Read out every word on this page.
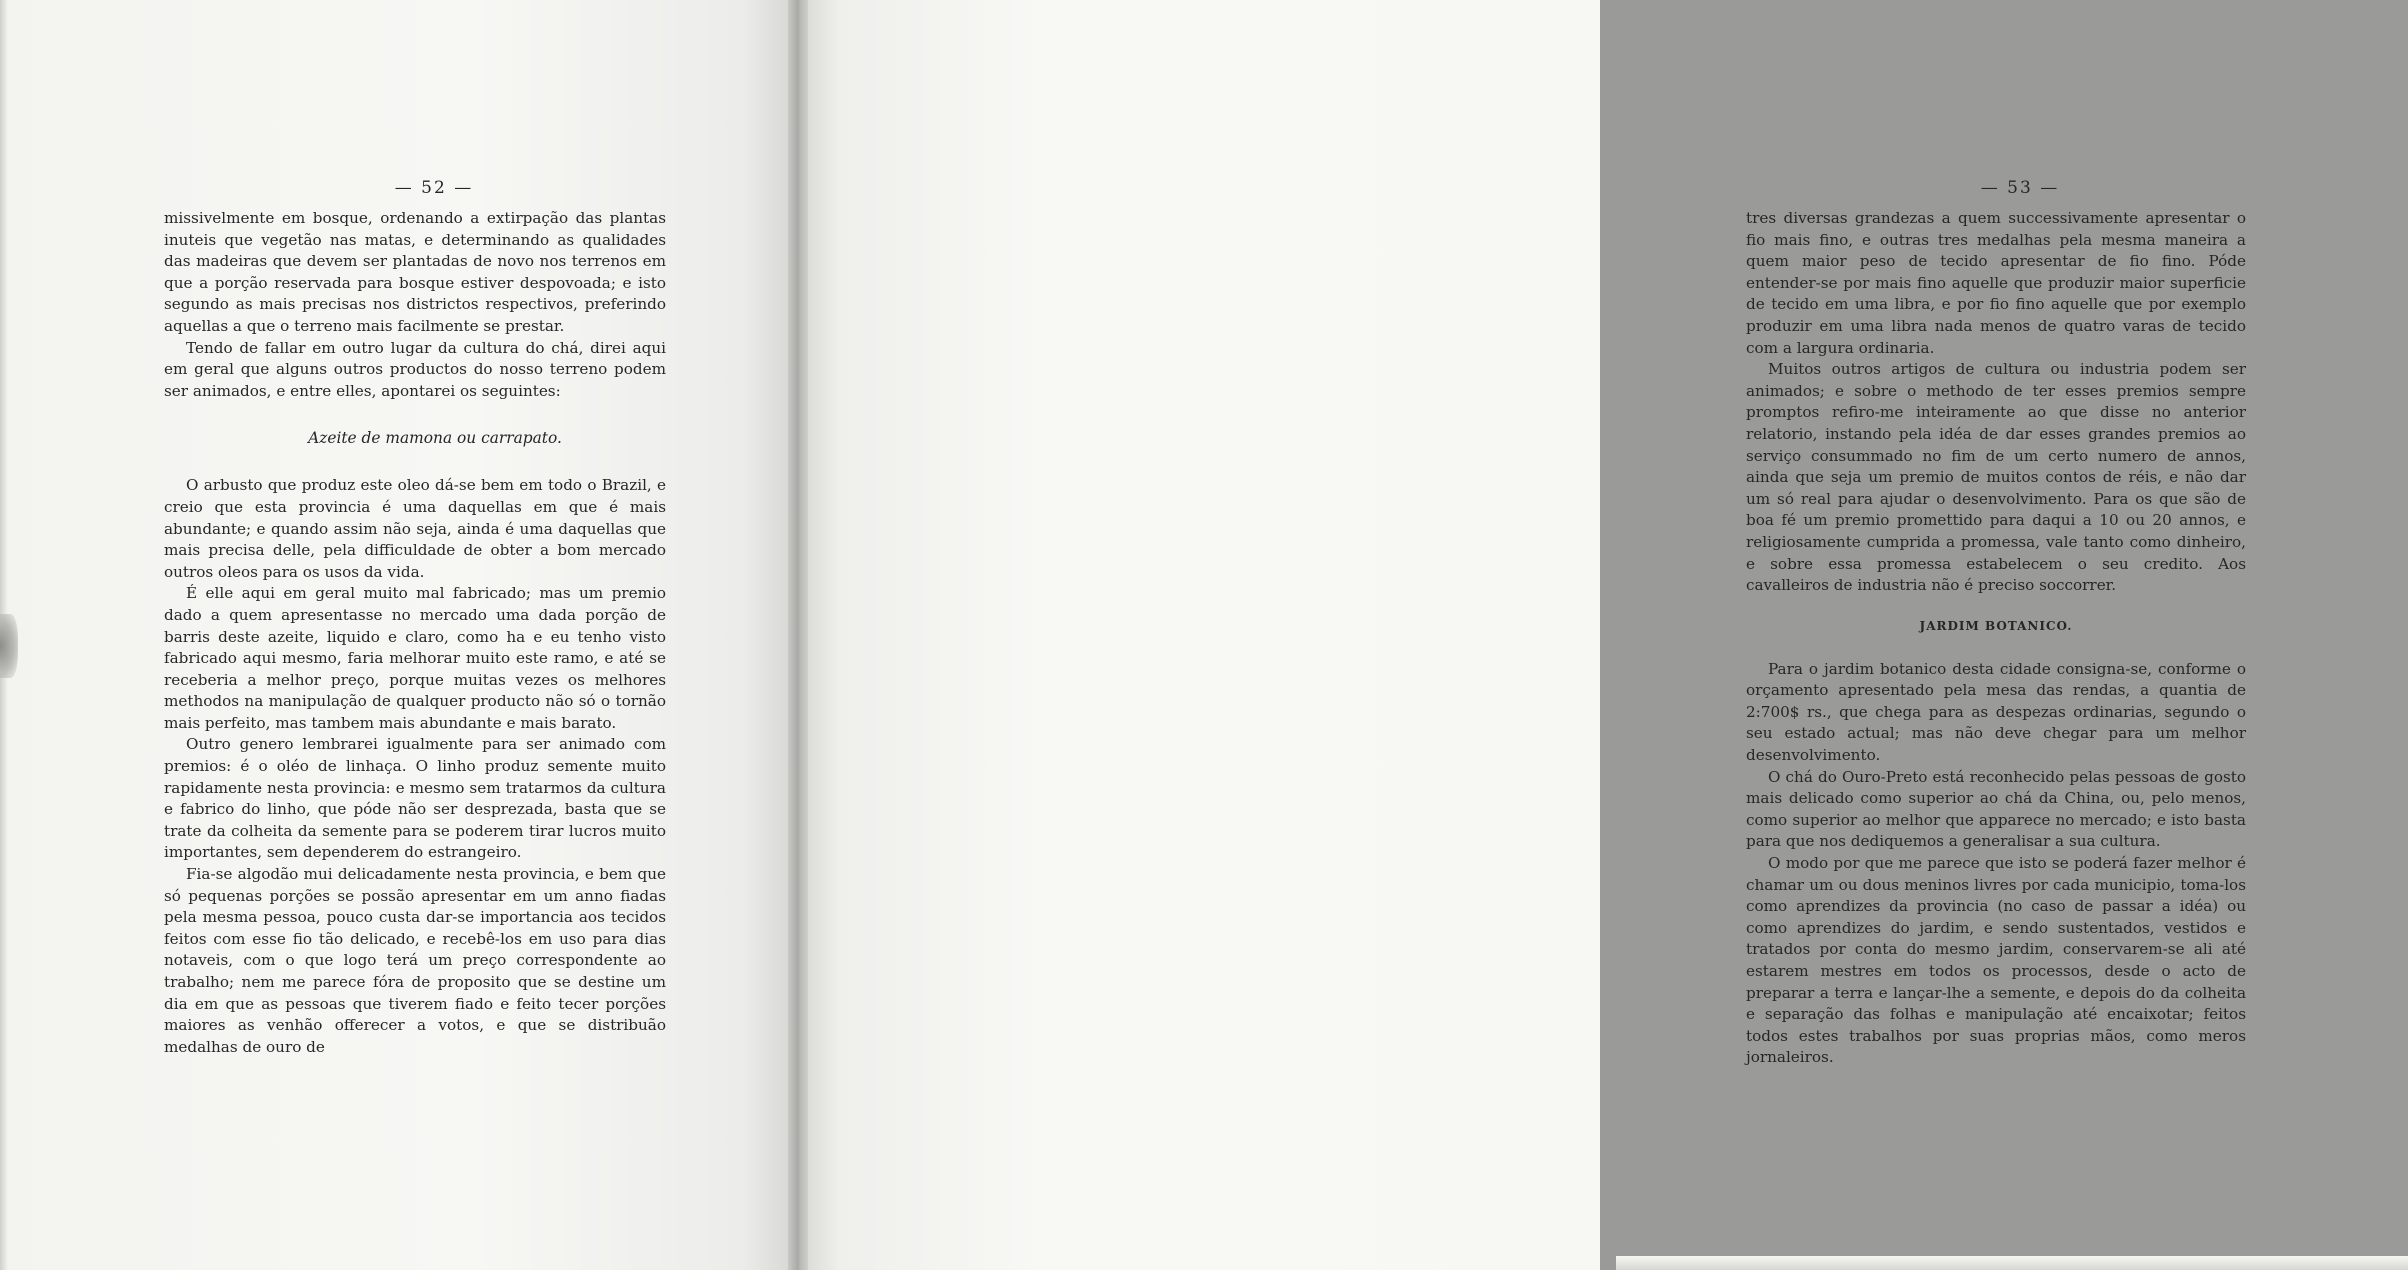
— 52 —

missivelmente em bosque, ordenando a extirpação das plantas inuteis que vegetão nas matas, e determinando as qualidades das madeiras que devem ser plantadas de novo nos terrenos em que a porção reservada para bosque estiver despovoada; e isto segundo as mais precisas nos districtos respectivos, preferindo aquellas a que o terreno mais facilmente se prestar.

Tendo de fallar em outro lugar da cultura do chá, direi aqui em geral que alguns outros productos do nosso terreno podem ser animados, e entre elles, apontarei os seguintes:

Azeite de mamona ou carrapato.

O arbusto que produz este oleo dá-se bem em todo o Brazil, e creio que esta provincia é uma daquellas em que é mais abundante; e quando assim não seja, ainda é uma daquellas que mais precisa delle, pela difficuldade de obter a bom mercado outros oleos para os usos da vida.

É elle aqui em geral muito mal fabricado; mas um premio dado a quem apresentasse no mercado uma dada porção de barris deste azeite, liquido e claro, como ha e eu tenho visto fabricado aqui mesmo, faria melhorar muito este ramo, e até se receberia a melhor preço, porque muitas vezes os melhores methodos na manipulação de qualquer producto não só o tornão mais perfeito, mas tambem mais abundante e mais barato.

Outro genero lembrarei igualmente para ser animado com premios: é o oléo de linhaça. O linho produz semente muito rapidamente nesta provincia: e mesmo sem tratarmos da cultura e fabrico do linho, que póde não ser desprezada, basta que se trate da colheita da semente para se poderem tirar lucros muito importantes, sem dependerem do estrangeiro.

Fia-se algodão mui delicadamente nesta provincia, e bem que só pequenas porções se possão apresentar em um anno fiadas pela mesma pessoa, pouco custa dar-se importancia aos tecidos feitos com esse fio tão delicado, e recebê-los em uso para dias notaveis, com o que logo terá um preço correspondente ao trabalho; nem me parece fóra de proposito que se destine um dia em que as pessoas que tiverem fiado e feito tecer porções maiores as venhão offerecer a votos, e que se distribuão medalhas de ouro de

— 53 —

tres diversas grandezas a quem successivamente apresentar o fio mais fino, e outras tres medalhas pela mesma maneira a quem maior peso de tecido apresentar de fio fino. Póde entender-se por mais fino aquelle que produzir maior superficie de tecido em uma libra, e por fio fino aquelle que por exemplo produzir em uma libra nada menos de quatro varas de tecido com a largura ordinaria.

Muitos outros artigos de cultura ou industria podem ser animados; e sobre o methodo de ter esses premios sempre promptos refiro-me inteiramente ao que disse no anterior relatorio, instando pela idéa de dar esses grandes premios ao serviço consummado no fim de um certo numero de annos, ainda que seja um premio de muitos contos de réis, e não dar um só real para ajudar o desenvolvimento. Para os que são de boa fé um premio promettido para daqui a 10 ou 20 annos, e religiosamente cumprida a promessa, vale tanto como dinheiro, e sobre essa promessa estabelecem o seu credito. Aos cavalleiros de industria não é preciso soccorrer.

JARDIM BOTANICO.

Para o jardim botanico desta cidade consigna-se, conforme o orçamento apresentado pela mesa das rendas, a quantia de 2:700$ rs., que chega para as despezas ordinarias, segundo o seu estado actual; mas não deve chegar para um melhor desenvolvimento.

O chá do Ouro-Preto está reconhecido pelas pessoas de gosto mais delicado como superior ao chá da China, ou, pelo menos, como superior ao melhor que apparece no mercado; e isto basta para que nos dediquemos a generalisar a sua cultura.

O modo por que me parece que isto se poderá fazer melhor é chamar um ou dous meninos livres por cada municipio, toma-los como aprendizes da provincia (no caso de passar a idéa) ou como aprendizes do jardim, e sendo sustentados, vestidos e tratados por conta do mesmo jardim, conservarem-se ali até estarem mestres em todos os processos, desde o acto de preparar a terra e lançar-lhe a semente, e depois do da colheita e separação das folhas e manipulação até encaixotar; feitos todos estes trabalhos por suas proprias mãos, como meros jornaleiros.
